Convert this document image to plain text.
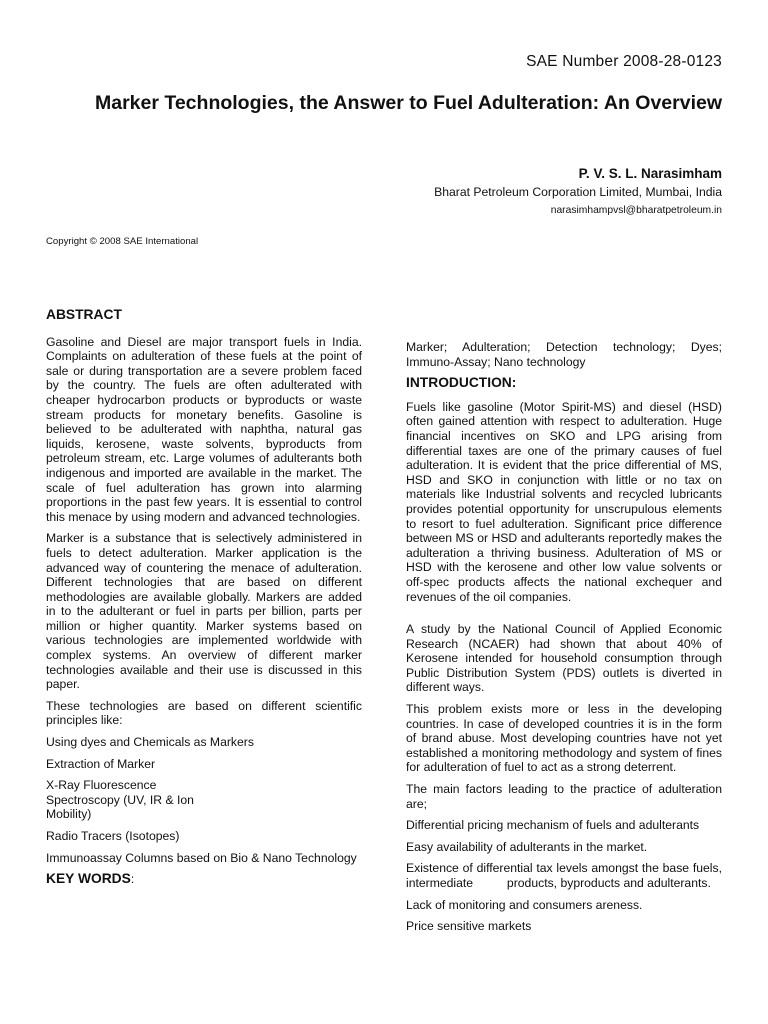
SAE Number 2008-28-0123
Marker Technologies, the Answer to Fuel Adulteration: An Overview
P. V. S. L. Narasimham
Bharat Petroleum Corporation Limited, Mumbai, India
narasimhampvsl@bharatpetroleum.in
Copyright © 2008 SAE International
ABSTRACT

Gasoline and Diesel are major transport fuels in India. Complaints on adulteration of these fuels at the point of sale or during transportation are a severe problem faced by the country. The fuels are often adulterated with cheaper hydrocarbon products or byproducts or waste stream products for monetary benefits. Gasoline is believed to be adulterated with naphtha, natural gas liquids, kerosene, waste solvents, byproducts from petroleum stream, etc. Large volumes of adulterants both indigenous and imported are available in the market. The scale of fuel adulteration has grown into alarming proportions in the past few years. It is essential to control this menace by using modern and advanced technologies.

Marker is a substance that is selectively administered in fuels to detect adulteration. Marker application is the advanced way of countering the menace of adulteration. Different technologies that are based on different methodologies are available globally. Markers are added in to the adulterant or fuel in parts per billion, parts per million or higher quantity. Marker systems based on various technologies are implemented worldwide with complex systems. An overview of different marker technologies available and their use is discussed in this paper.

These technologies are based on different scientific principles like:

Using dyes and Chemicals as Markers

Extraction of Marker

X-Ray Fluorescence Spectroscopy (UV, IR & Ion Mobility)

Radio Tracers (Isotopes)

Immunoassay Columns based on Bio & Nano Technology

KEY WORDS:

Marker; Adulteration; Detection technology; Dyes; Immuno-Assay; Nano technology

INTRODUCTION:

Fuels like gasoline (Motor Spirit-MS) and diesel (HSD) often gained attention with respect to adulteration. Huge financial incentives on SKO and LPG arising from differential taxes are one of the primary causes of fuel adulteration. It is evident that the price differential of MS, HSD and SKO in conjunction with little or no tax on materials like Industrial solvents and recycled lubricants provides potential opportunity for unscrupulous elements to resort to fuel adulteration. Significant price difference between MS or HSD and adulterants reportedly makes the adulteration a thriving business. Adulteration of MS or HSD with the kerosene and other low value solvents or off-spec products affects the national exchequer and revenues of the oil companies.

A study by the National Council of Applied Economic Research (NCAER) had shown that about 40% of Kerosene intended for household consumption through Public Distribution System (PDS) outlets is diverted in different ways.

This problem exists more or less in the developing countries. In case of developed countries it is in the form of brand abuse. Most developing countries have not yet established a monitoring methodology and system of fines for adulteration of fuel to act as a strong deterrent.

The main factors leading to the practice of adulteration are;

Differential pricing mechanism of fuels and adulterants

Easy availability of adulterants in the market.

Existence of differential tax levels amongst the base fuels, intermediate          products, byproducts and adulterants.

Lack of monitoring and consumers areness.

Price sensitive markets
